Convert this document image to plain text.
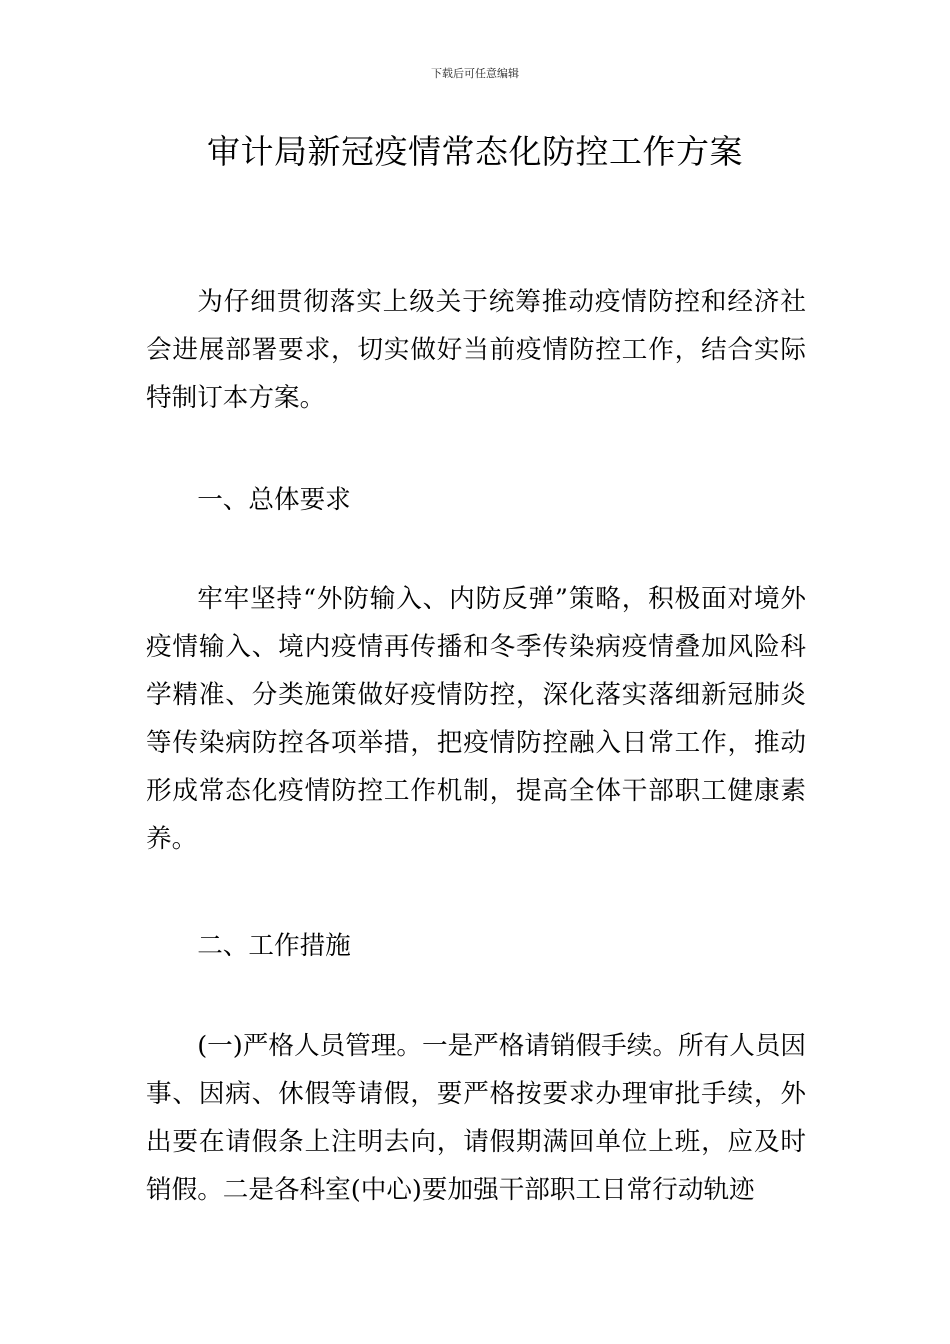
下载后可任意编辑
审计局新冠疫情常态化防控工作方案

为仔细贯彻落实上级关于统筹推动疫情防控和经济社会进展部署要求，切实做好当前疫情防控工作，结合实际特制订本方案。

一、总体要求

牢牢坚持“外防输入、内防反弹”策略，积极面对境外疫情输入、境内疫情再传播和冬季传染病疫情叠加风险科学精准、分类施策做好疫情防控，深化落实落细新冠肺炎等传染病防控各项举措，把疫情防控融入日常工作，推动形成常态化疫情防控工作机制，提高全体干部职工健康素养。

二、工作措施

(一)严格人员管理。一是严格请销假手续。所有人员因事、因病、休假等请假，要严格按要求办理审批手续，外出要在请假条上注明去向，请假期满回单位上班，应及时销假。二是各科室(中心)要加强干部职工日常行动轨迹
